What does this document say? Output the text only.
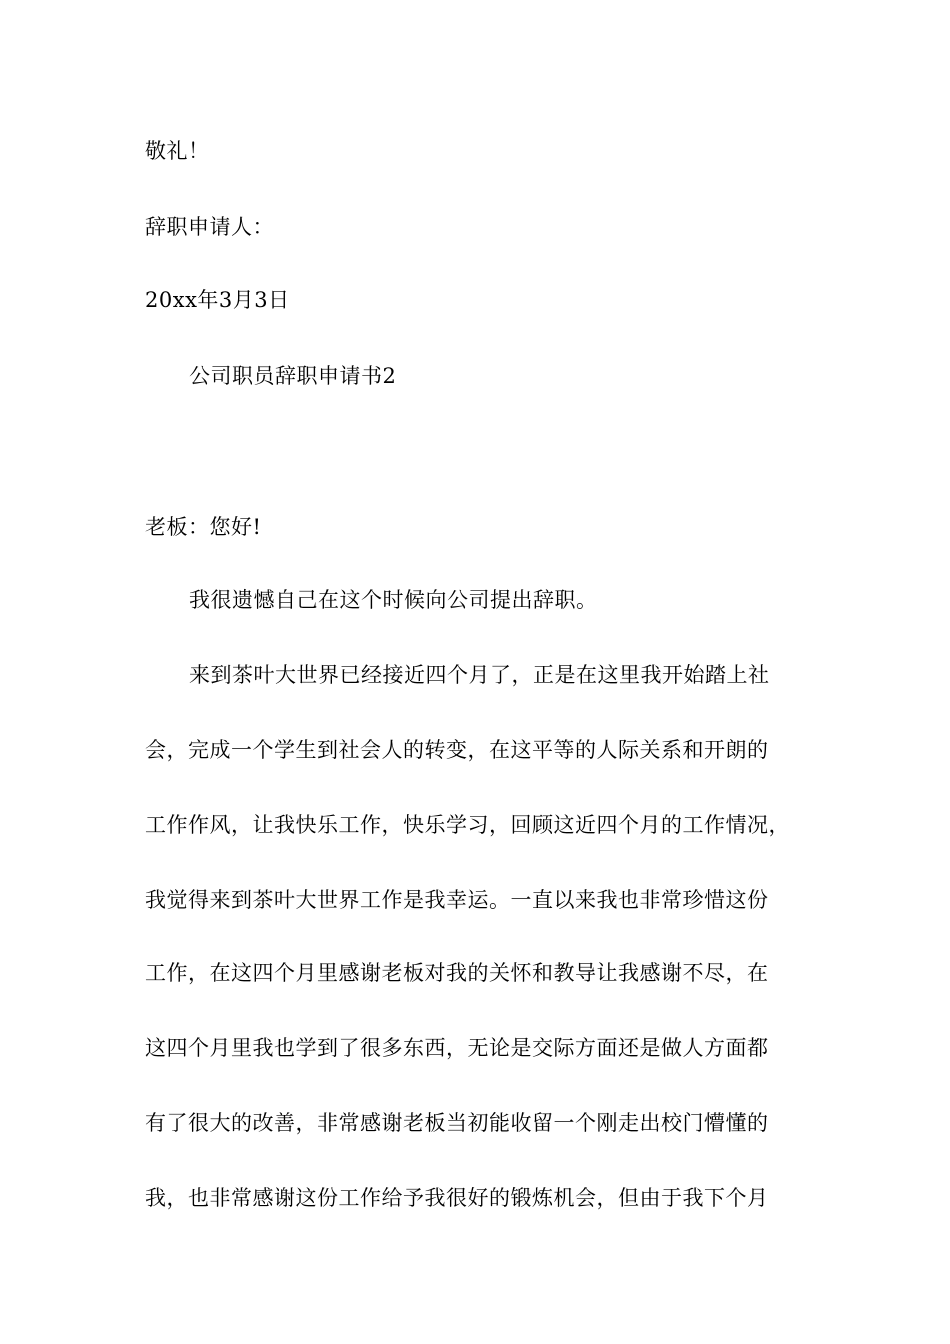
敬礼！
辞职申请人：
20xx年3月3日
公司职员辞职申请书2
老板：您好!
我很遗憾自己在这个时候向公司提出辞职。
来到茶叶大世界已经接近四个月了，正是在这里我开始踏上社
会，完成一个学生到社会人的转变，在这平等的人际关系和开朗的
工作作风，让我快乐工作，快乐学习，回顾这近四个月的工作情况，
我觉得来到茶叶大世界工作是我幸运。一直以来我也非常珍惜这份
工作，在这四个月里感谢老板对我的关怀和教导让我感谢不尽，在
这四个月里我也学到了很多东西，无论是交际方面还是做人方面都
有了很大的改善，非常感谢老板当初能收留一个刚走出校门懵懂的
我，也非常感谢这份工作给予我很好的锻炼机会，但由于我下个月
